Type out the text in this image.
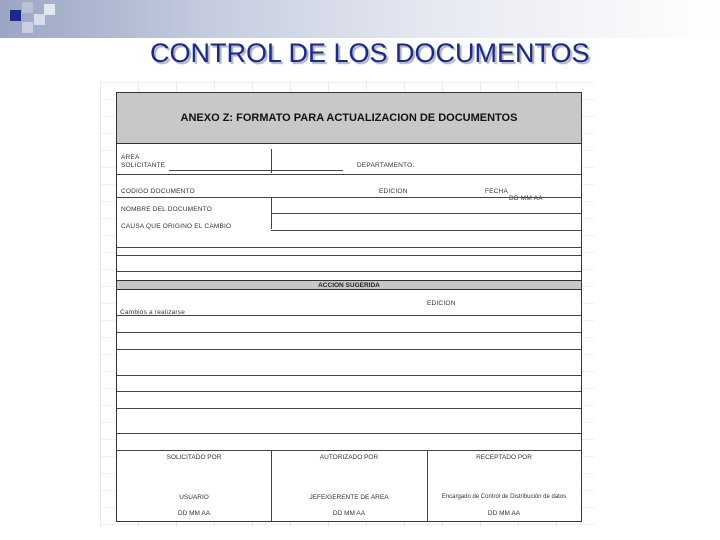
CONTROL DE LOS DOCUMENTOS
ANEXO Z: FORMATO PARA ACTUALIZACION DE DOCUMENTOS
AREA
SOLICITANTE	DEPARTAMENTO:
CODIGO DOCUMENTO	EDICION	FECHA
DD MM AA
NOMBRE DEL DOCUMENTO
CAUSA QUE ORIGINO EL CAMBIO
ACCION SUGERIDA
EDICION
Cambios a realizarse
SOLICITADO POR	AUTORIZADO POR	RECEPTADO POR
USUARIO	JEFE/GERENTE DE AREA	Encargado de Control de Distribución de datos
DD MM AA	DD MM AA	DD MM AA
